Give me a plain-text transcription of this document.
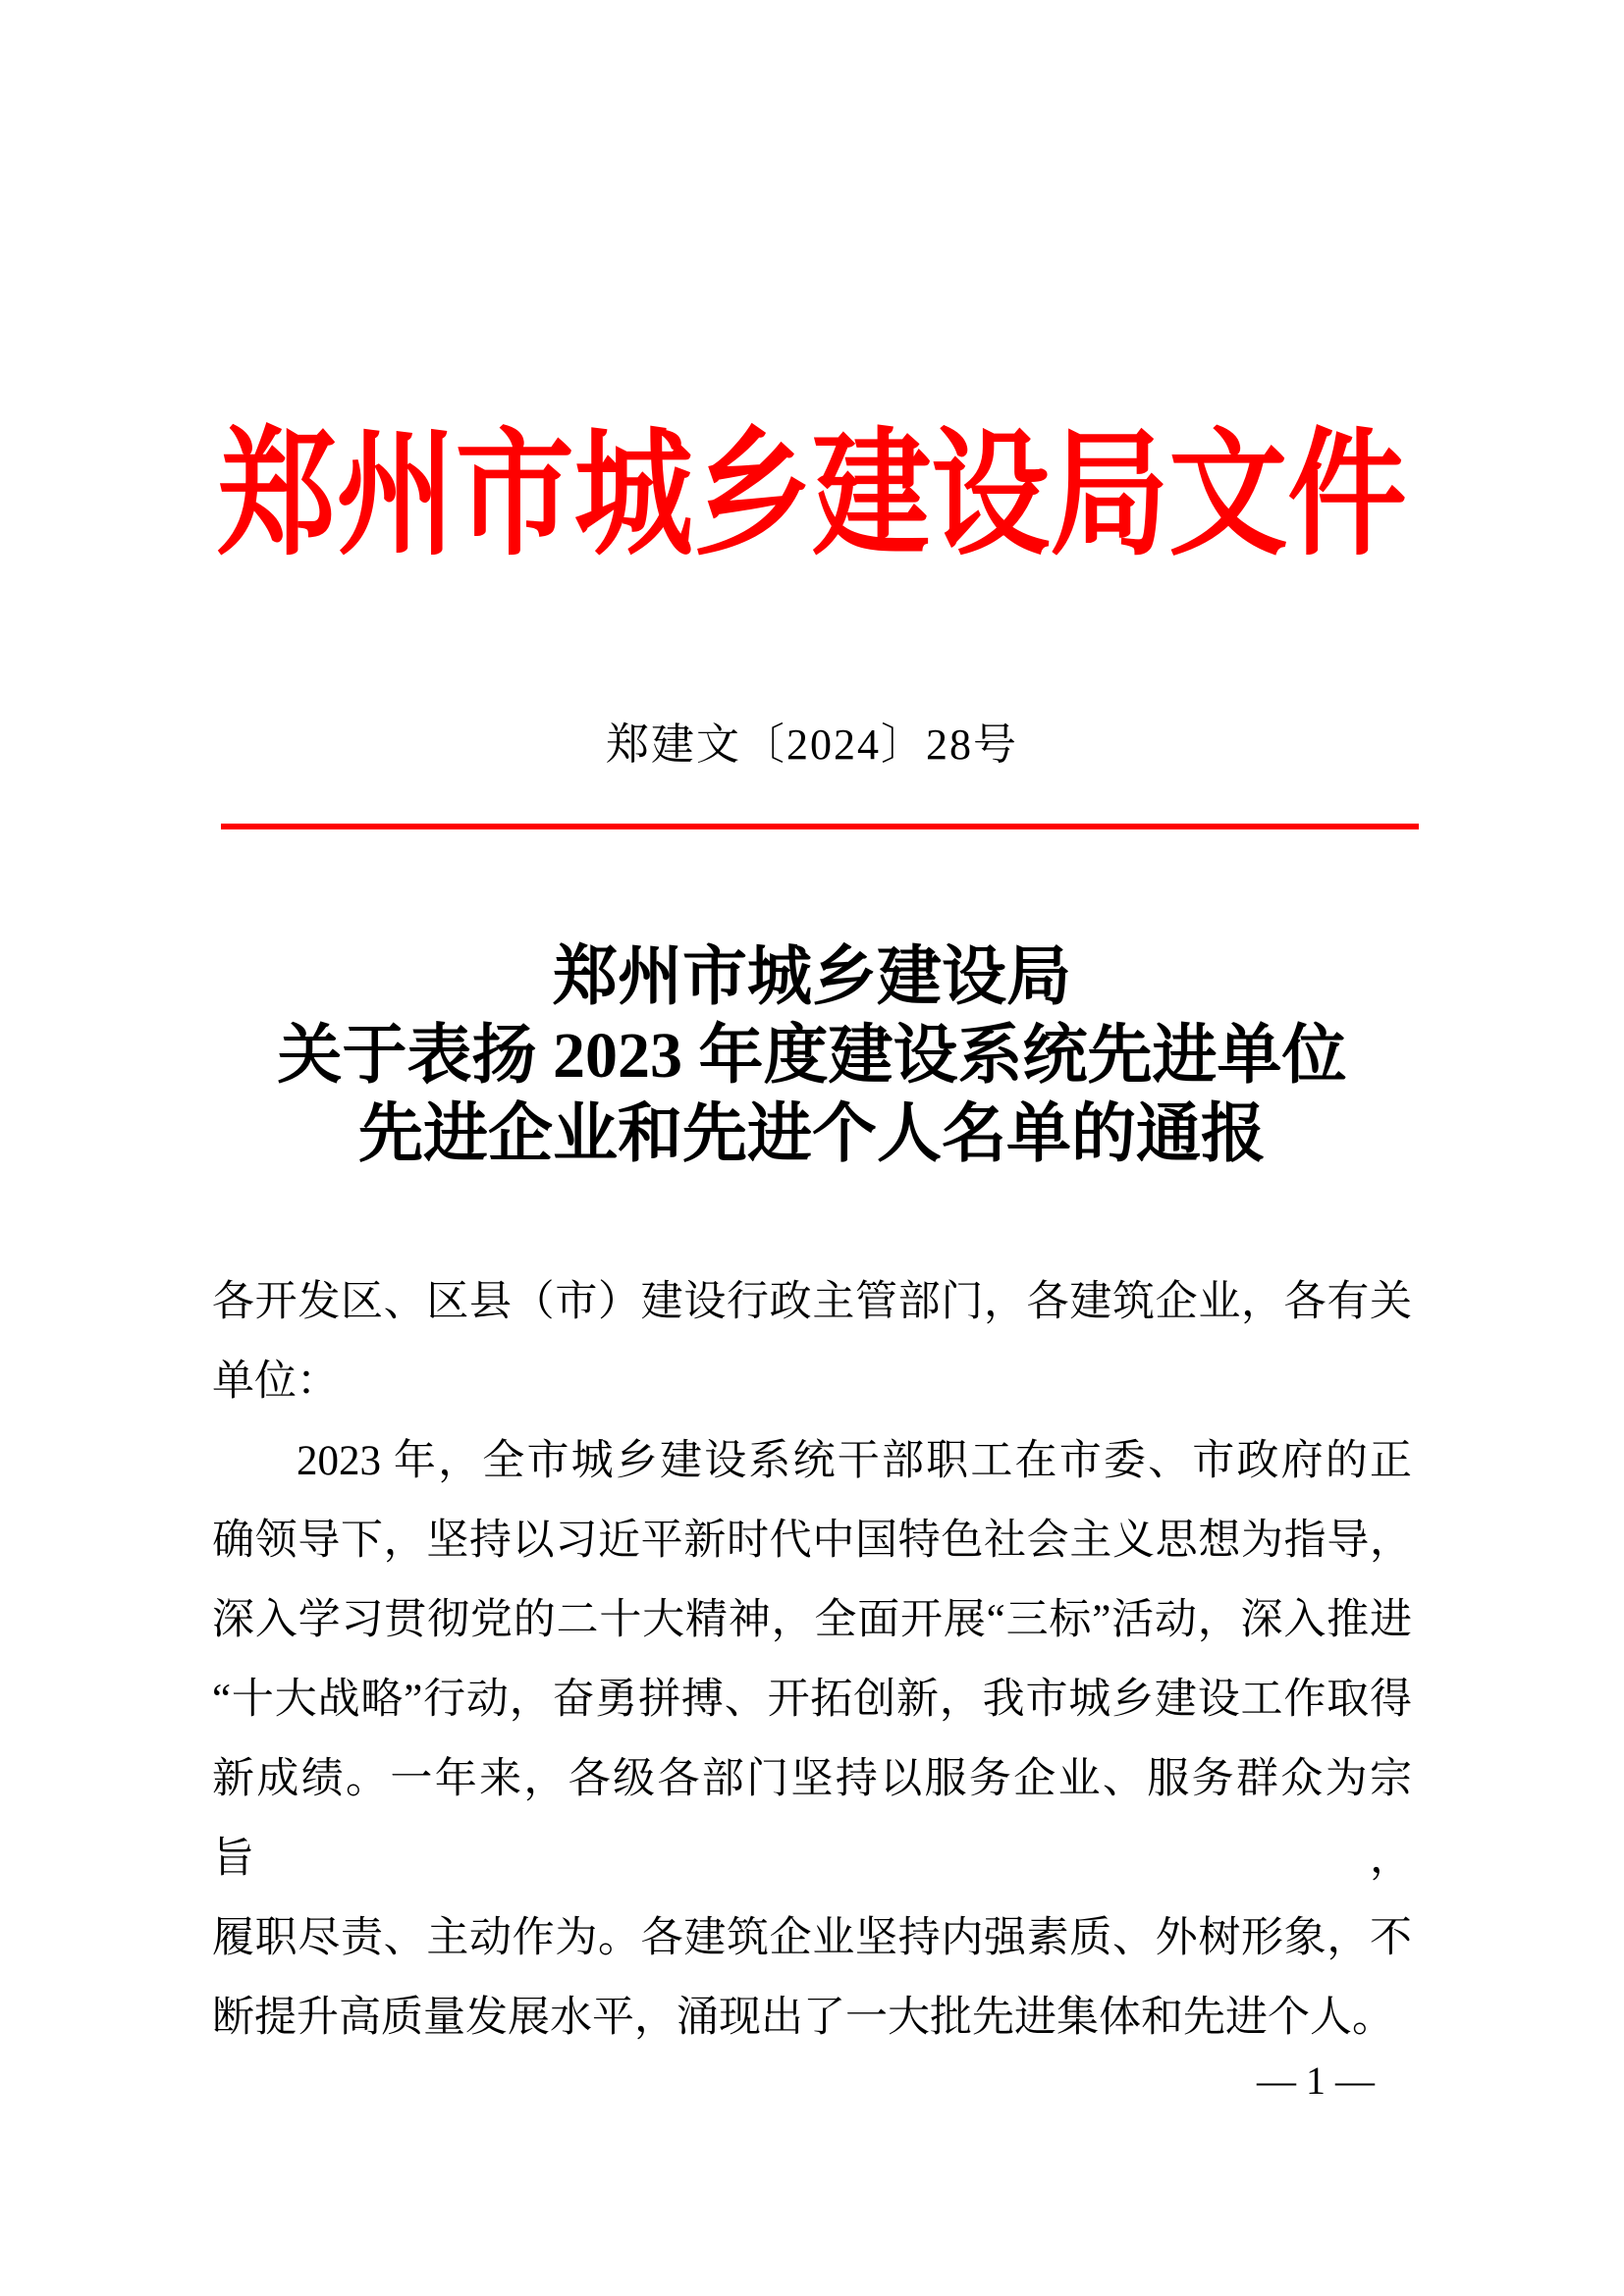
郑州市城乡建设局文件
郑建文〔2024〕28号
郑州市城乡建设局
关于表扬 2023 年度建设系统先进单位
先进企业和先进个人名单的通报
各开发区、区县（市）建设行政主管部门，各建筑企业，各有关
单位：
2023 年，全市城乡建设系统干部职工在市委、市政府的正
确领导下，坚持以习近平新时代中国特色社会主义思想为指导，
深入学习贯彻党的二十大精神，全面开展“三标”活动，深入推进
“十大战略”行动，奋勇拼搏、开拓创新，我市城乡建设工作取得
新成绩。一年来，各级各部门坚持以服务企业、服务群众为宗旨，
履职尽责、主动作为。各建筑企业坚持内强素质、外树形象，不
断提升高质量发展水平，涌现出了一大批先进集体和先进个人。
— 1 —
